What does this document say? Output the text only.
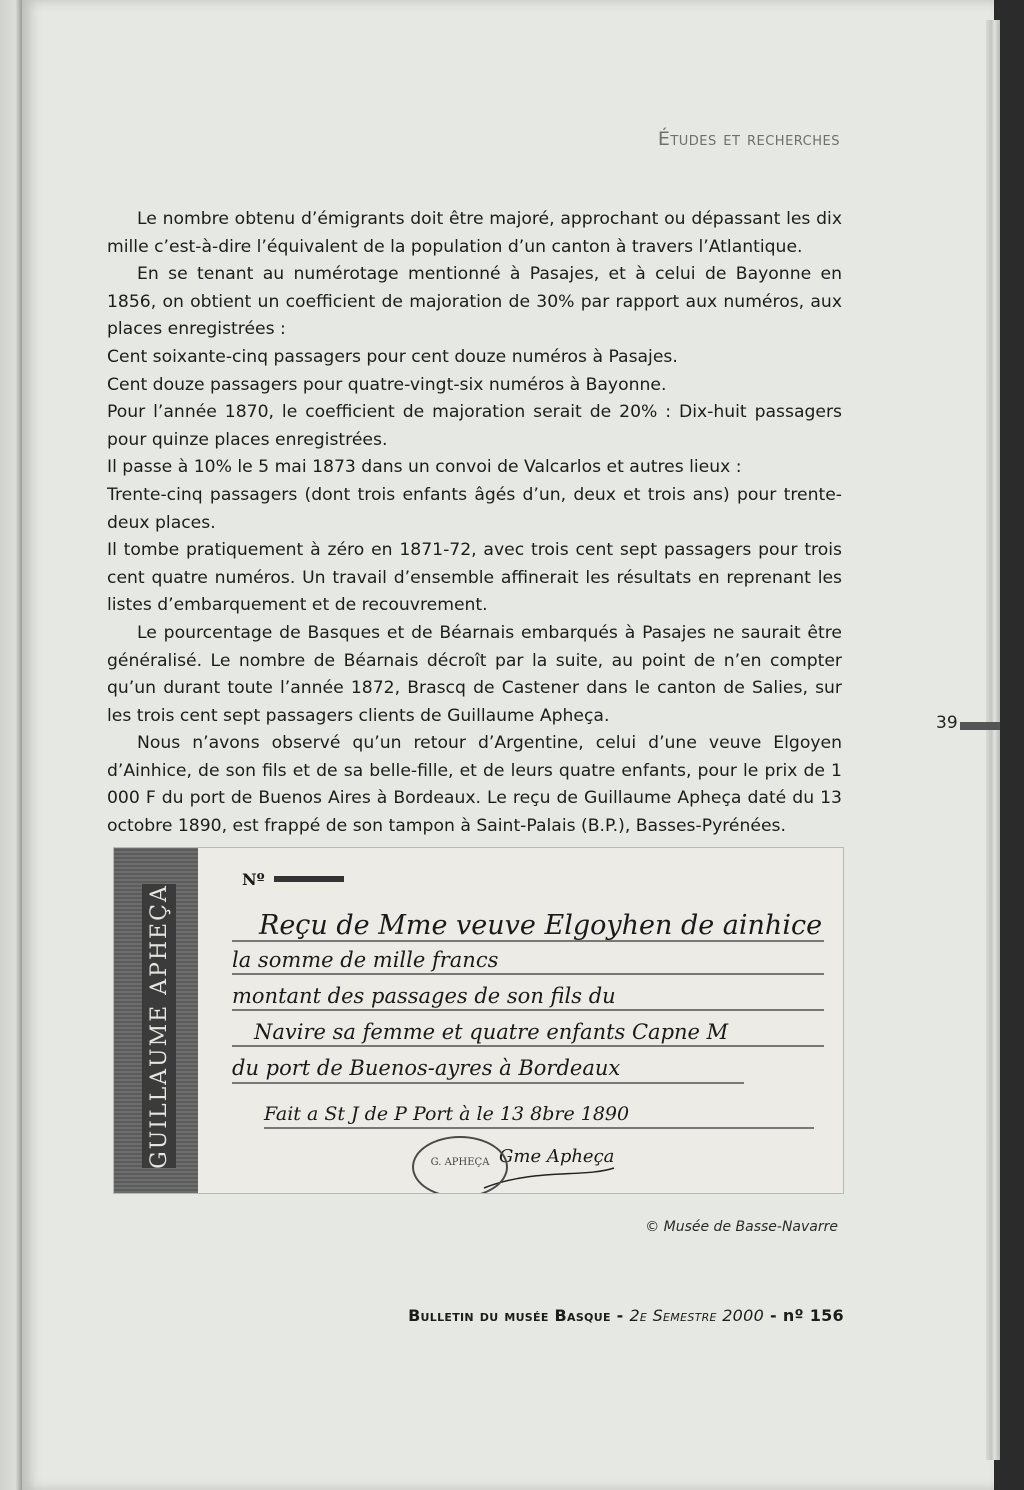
Études et recherches

Le nombre obtenu d’émigrants doit être majoré, approchant ou dépassant les dix mille c’est-à-dire l’équivalent de la population d’un canton à travers l’Atlantique.

En se tenant au numérotage mentionné à Pasajes, et à celui de Bayonne en 1856, on obtient un coefficient de majoration de 30% par rapport aux numéros, aux places enregistrées :

Cent soixante-cinq passagers pour cent douze numéros à Pasajes.

Cent douze passagers pour quatre-vingt-six numéros à Bayonne.

Pour l’année 1870, le coefficient de majoration serait de 20% : Dix-huit passagers pour quinze places enregistrées.

Il passe à 10% le 5 mai 1873 dans un convoi de Valcarlos et autres lieux :

Trente-cinq passagers (dont trois enfants âgés d’un, deux et trois ans) pour trente-deux places.

Il tombe pratiquement à zéro en 1871-72, avec trois cent sept passagers pour trois cent quatre numéros. Un travail d’ensemble affinerait les résultats en reprenant les listes d’embarquement et de recouvrement.

Le pourcentage de Basques et de Béarnais embarqués à Pasajes ne saurait être généralisé. Le nombre de Béarnais décroît par la suite, au point de n’en compter qu’un durant toute l’année 1872, Brascq de Castener dans le canton de Salies, sur les trois cent sept passagers clients de Guillaume Apheça.

Nous n’avons observé qu’un retour d’Argentine, celui d’une veuve Elgoyen d’Ainhice, de son fils et de sa belle-fille, et de leurs quatre enfants, pour le prix de 1 000 F du port de Buenos Aires à Bordeaux. Le reçu de Guillaume Apheça daté du 13 octobre 1890, est frappé de son tampon à Saint-Palais (B.P.), Basses-Pyrénées.

39
GUILLAUME APHEÇA
Nº
Reçu de Mme veuve Elgoyhen de ainhice
la somme de mille francs
montant des passages de son fils du
Navire sa femme et quatre enfants Capne M
du port de Buenos-ayres à Bordeaux
Fait a St J de P Port à le 13 8bre 1890
Gme Apheça
G. APHEÇA
© Musée de Basse-Navarre
Bulletin du musée Basque - 2e Semestre 2000 - nº 156
